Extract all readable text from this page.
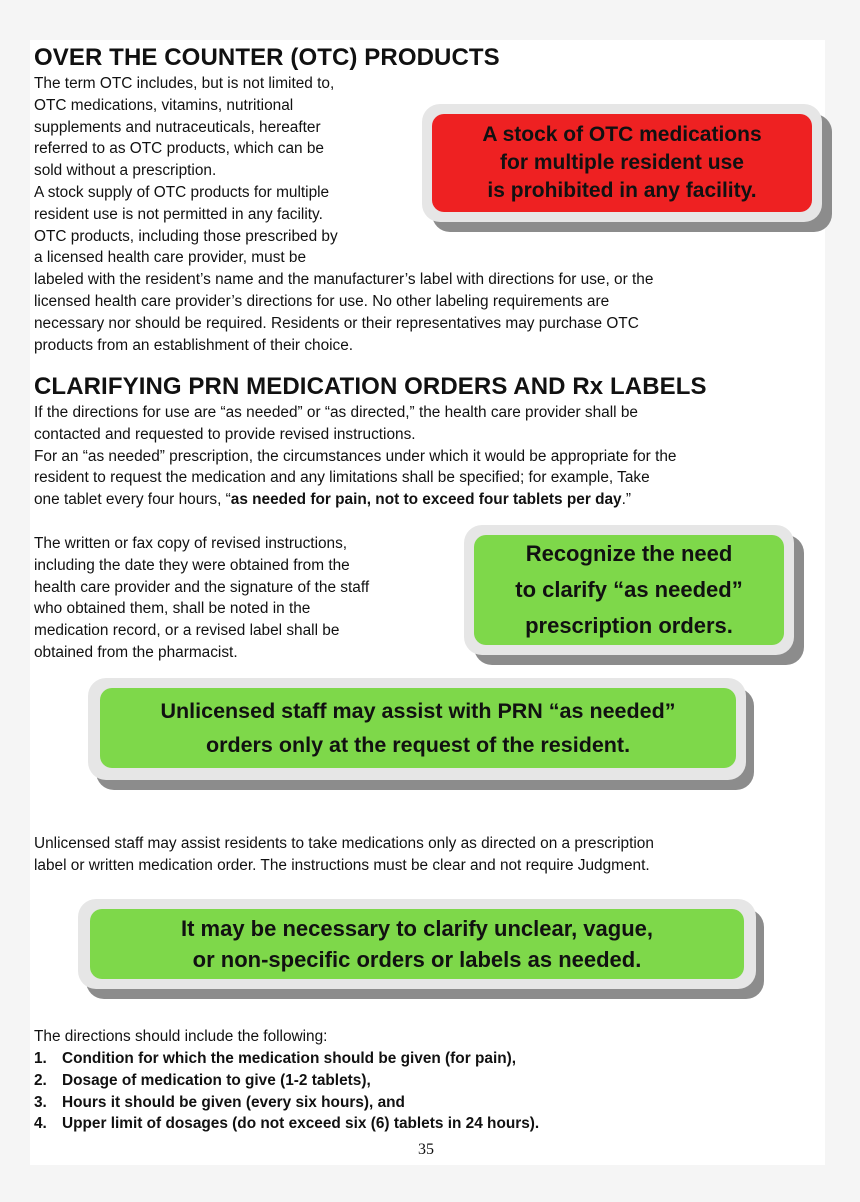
OVER THE COUNTER (OTC) PRODUCTS
The term OTC includes, but is not limited to,
OTC medications, vitamins, nutritional
supplements and nutraceuticals, hereafter
referred to as OTC products, which can be
sold without a prescription.
A stock supply of OTC products for multiple
resident use is not permitted in any facility.
OTC products, including those prescribed by
a licensed health care provider, must be
labeled with the resident’s name and the manufacturer’s label with directions for use, or the
licensed health care provider’s directions for use. No other labeling requirements are
necessary nor should be required. Residents or their representatives may purchase OTC
products from an establishment of their choice.
A stock of OTC medications
for multiple resident use
is prohibited in any facility.
CLARIFYING PRN MEDICATION ORDERS AND Rx LABELS
If the directions for use are “as needed” or “as directed,” the health care provider shall be
contacted and requested to provide revised instructions.
For an “as needed” prescription, the circumstances under which it would be appropriate for the
resident to request the medication and any limitations shall be specified; for example, Take
one tablet every four hours, “as needed for pain, not to exceed four tablets per day.”
The written or fax copy of revised instructions,
including the date they were obtained from the
health care provider and the signature of the staff
who obtained them, shall be noted in the
medication record, or a revised label shall be
obtained from the pharmacist.
Recognize the need
to clarify “as needed”
prescription orders.
Unlicensed staff may assist with PRN “as needed”
orders only at the request of the resident.
Unlicensed staff may assist residents to take medications only as directed on a prescription
label or written medication order. The instructions must be clear and not require Judgment.
It may be necessary to clarify unclear, vague,
or non-specific orders or labels as needed.
The directions should include the following:
1. Condition for which the medication should be given (for pain),
2. Dosage of medication to give (1-2 tablets),
3. Hours it should be given (every six hours), and
4. Upper limit of dosages (do not exceed six (6) tablets in 24 hours).
35
